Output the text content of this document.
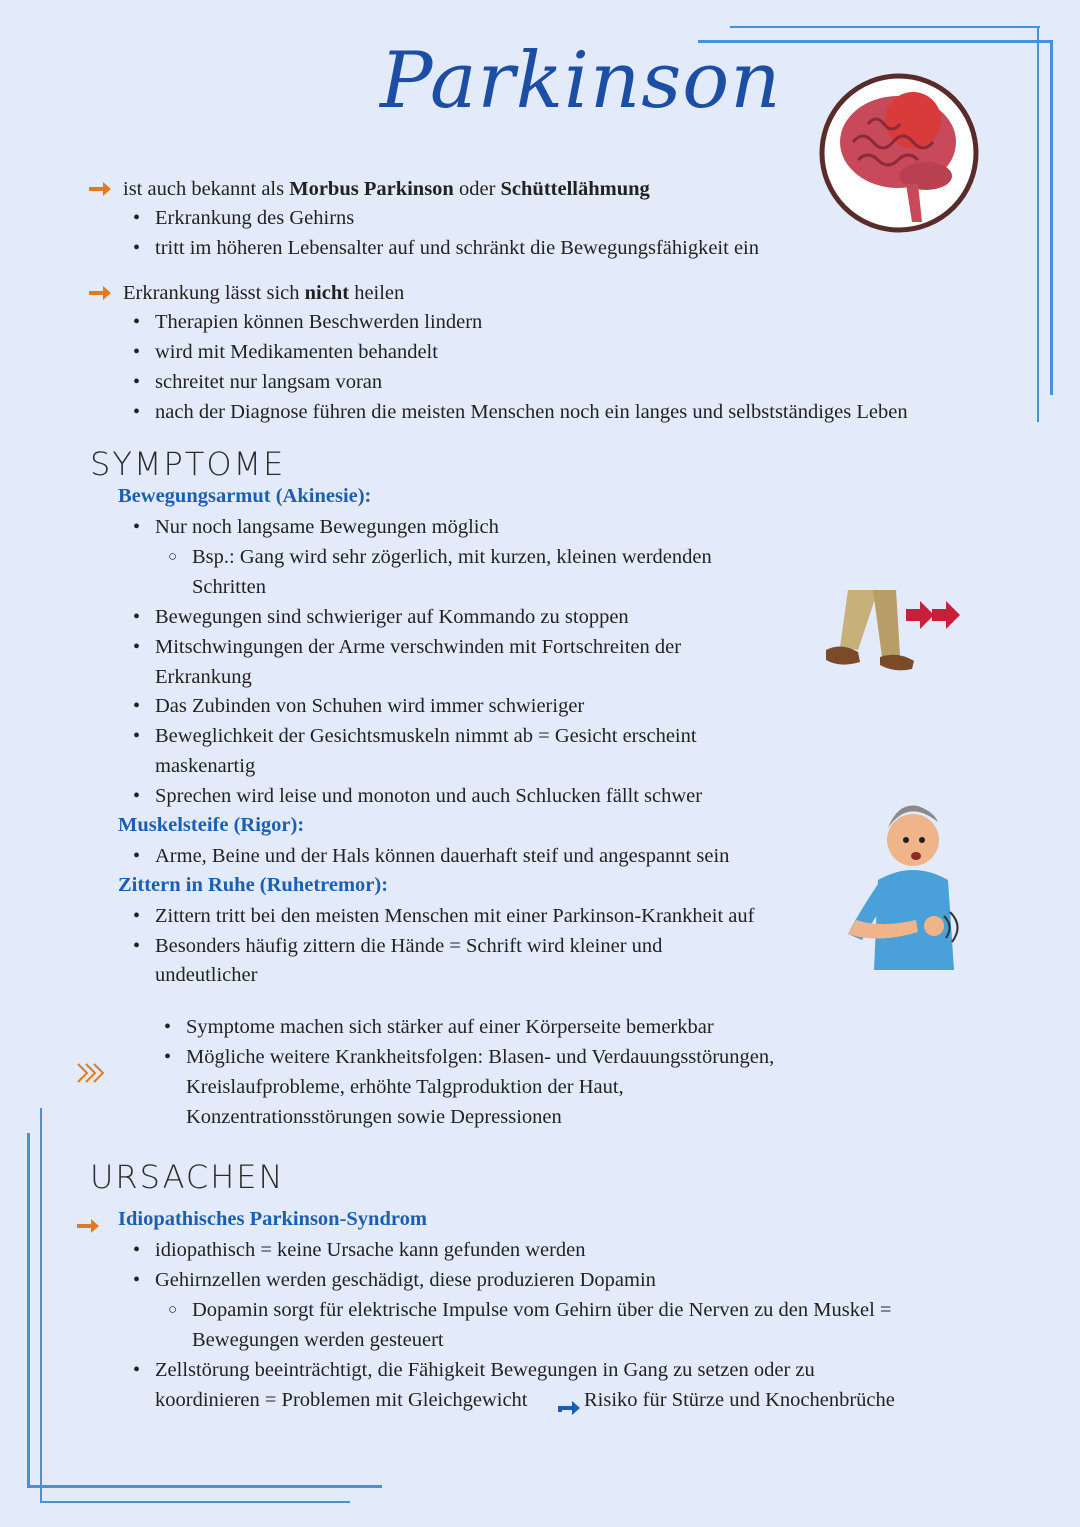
Parkinson
ist auch bekannt als Morbus Parkinson oder Schüttellähmung
• Erkrankung des Gehirns
• tritt im höheren Lebensalter auf und schränkt die Bewegungsfähigkeit ein
Erkrankung lässt sich nicht heilen
• Therapien können Beschwerden lindern
• wird mit Medikamenten behandelt
• schreitet nur langsam voran
• nach der Diagnose führen die meisten Menschen noch ein langes und selbstständiges Leben
SYMPTOME
Bewegungsarmut (Akinesie):
• Nur noch langsame Bewegungen möglich
○ Bsp.: Gang wird sehr zögerlich, mit kurzen, kleinen werdenden
Schritten
• Bewegungen sind schwieriger auf Kommando zu stoppen
• Mitschwingungen der Arme verschwinden mit Fortschreiten der
Erkrankung
• Das Zubinden von Schuhen wird immer schwieriger
• Beweglichkeit der Gesichtsmuskeln nimmt ab = Gesicht erscheint
maskenartig
• Sprechen wird leise und monoton und auch Schlucken fällt schwer
Muskelsteife (Rigor):
• Arme, Beine und der Hals können dauerhaft steif und angespannt sein
Zittern in Ruhe (Ruhetremor):
• Zittern tritt bei den meisten Menschen mit einer Parkinson-Krankheit auf
• Besonders häufig zittern die Hände = Schrift wird kleiner und
undeutlicher
• Symptome machen sich stärker auf einer Körperseite bemerkbar
• Mögliche weitere Krankheitsfolgen: Blasen- und Verdauungsstörungen,
Kreislaufprobleme, erhöhte Talgproduktion der Haut,
Konzentrationsstörungen sowie Depressionen
URSACHEN
Idiopathisches Parkinson-Syndrom
• idiopathisch = keine Ursache kann gefunden werden
• Gehirnzellen werden geschädigt, diese produzieren Dopamin
○ Dopamin sorgt für elektrische Impulse vom Gehirn über die Nerven zu den Muskel =
Bewegungen werden gesteuert
• Zellstörung beeinträchtigt, die Fähigkeit Bewegungen in Gang zu setzen oder zu
koordinieren = Problemen mit Gleichgewicht	Risiko für Stürze und Knochenbrüche
